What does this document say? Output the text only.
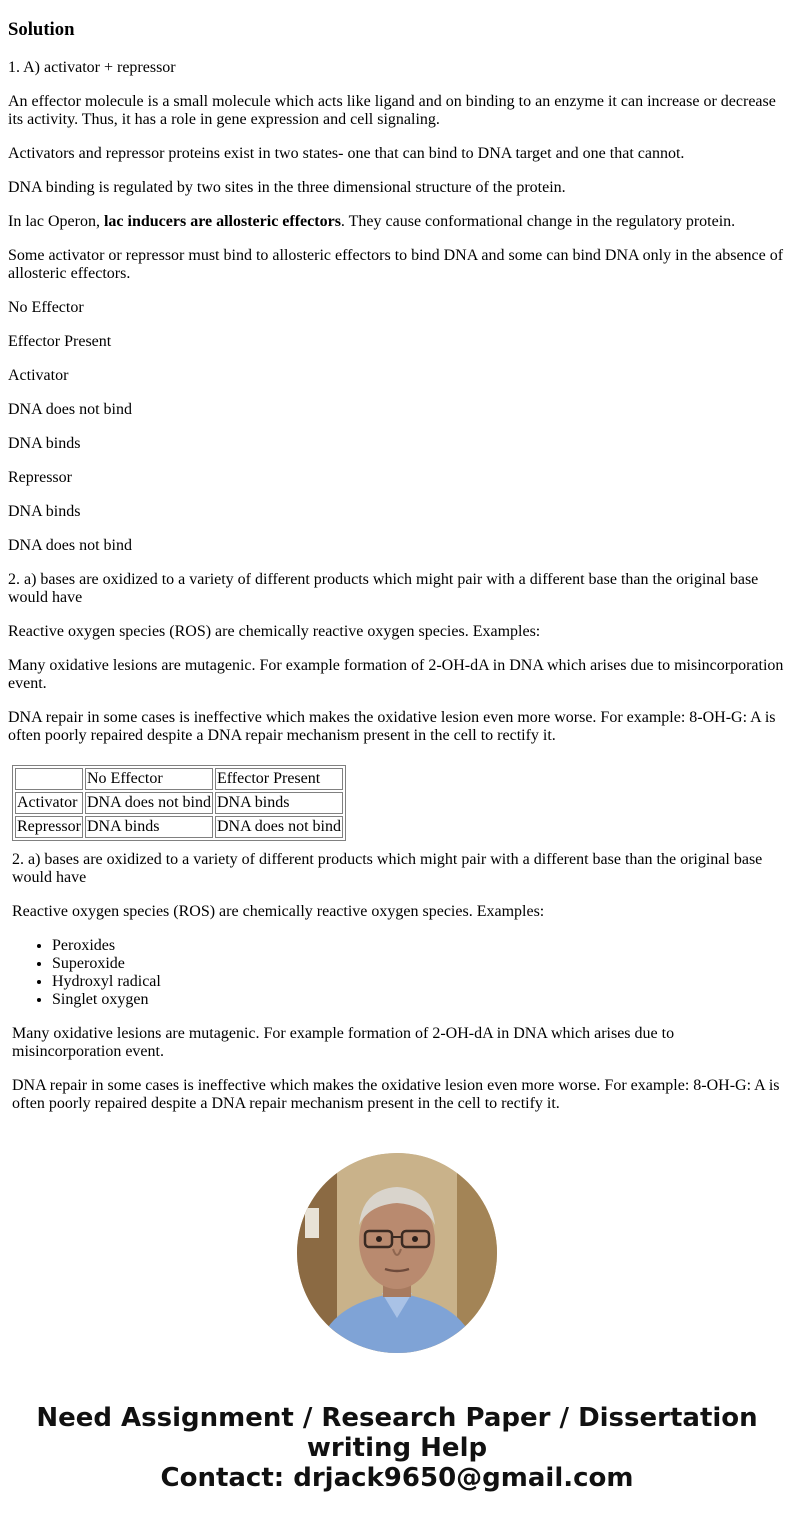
Solution

1. A) activator + repressor

An effector molecule is a small molecule which acts like ligand and on binding to an enzyme it can increase or decrease its activity. Thus, it has a role in gene expression and cell signaling.

Activators and repressor proteins exist in two states- one that can bind to DNA target and one that cannot.

DNA binding is regulated by two sites in the three dimensional structure of the protein.

In lac Operon, lac inducers are allosteric effectors. They cause conformational change in the regulatory protein.

Some activator or repressor must bind to allosteric effectors to bind DNA and some can bind DNA only in the absence of allosteric effectors.

No Effector

Effector Present

Activator

DNA does not bind

DNA binds

Repressor

DNA binds

DNA does not bind

2. a) bases are oxidized to a variety of different products which might pair with a different base than the original base would have

Reactive oxygen species (ROS) are chemically reactive oxygen species. Examples:

Many oxidative lesions are mutagenic. For example formation of 2-OH-dA in DNA which arises due to misincorporation event.

DNA repair in some cases is ineffective which makes the oxidative lesion even more worse. For example: 8-OH-G: A is often poorly repaired despite a DNA repair mechanism present in the cell to rectify it.

	No Effector	Effector Present
Activator	DNA does not bind	DNA binds
Repressor	DNA binds	DNA does not bind

2. a) bases are oxidized to a variety of different products which might pair with a different base than the original base would have

Reactive oxygen species (ROS) are chemically reactive oxygen species. Examples:

• Peroxides
• Superoxide
• Hydroxyl radical
• Singlet oxygen

Many oxidative lesions are mutagenic. For example formation of 2-OH-dA in DNA which arises due to misincorporation event.

DNA repair in some cases is ineffective which makes the oxidative lesion even more worse. For example: 8-OH-G: A is often poorly repaired despite a DNA repair mechanism present in the cell to rectify it.

Need Assignment / Research Paper / Dissertation
writing Help
Contact: drjack9650@gmail.com
